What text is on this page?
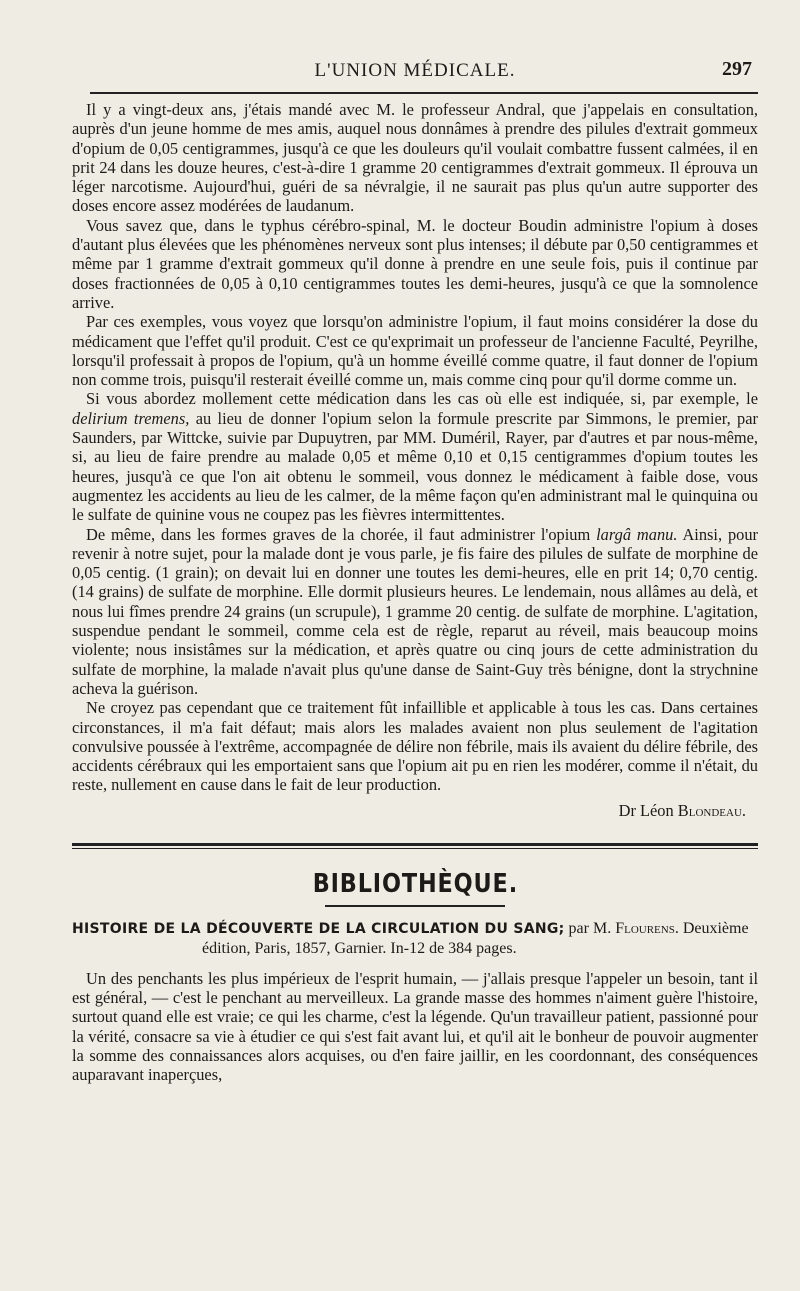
L'UNION MÉDICALE.	297

Il y a vingt-deux ans, j'étais mandé avec M. le professeur Andral, que j'appelais en consultation, auprès d'un jeune homme de mes amis, auquel nous donnâmes à prendre des pilules d'extrait gommeux d'opium de 0,05 centigrammes, jusqu'à ce que les douleurs qu'il voulait combattre fussent calmées, il en prit 24 dans les douze heures, c'est-à-dire 1 gramme 20 centigrammes d'extrait gommeux. Il éprouva un léger narcotisme. Aujourd'hui, guéri de sa névralgie, il ne saurait pas plus qu'un autre supporter des doses encore assez modérées de laudanum.

Vous savez que, dans le typhus cérébro-spinal, M. le docteur Boudin administre l'opium à doses d'autant plus élevées que les phénomènes nerveux sont plus intenses; il débute par 0,50 centigrammes et même par 1 gramme d'extrait gommeux qu'il donne à prendre en une seule fois, puis il continue par doses fractionnées de 0,05 à 0,10 centigrammes toutes les demi-heures, jusqu'à ce que la somnolence arrive.

Par ces exemples, vous voyez que lorsqu'on administre l'opium, il faut moins considérer la dose du médicament que l'effet qu'il produit. C'est ce qu'exprimait un professeur de l'ancienne Faculté, Peyrilhe, lorsqu'il professait à propos de l'opium, qu'à un homme éveillé comme quatre, il faut donner de l'opium non comme trois, puisqu'il resterait éveillé comme un, mais comme cinq pour qu'il dorme comme un.

Si vous abordez mollement cette médication dans les cas où elle est indiquée, si, par exemple, le delirium tremens, au lieu de donner l'opium selon la formule prescrite par Simmons, le premier, par Saunders, par Wittcke, suivie par Dupuytren, par MM. Duméril, Rayer, par d'autres et par nous-même, si, au lieu de faire prendre au malade 0,05 et même 0,10 et 0,15 centigrammes d'opium toutes les heures, jusqu'à ce que l'on ait obtenu le sommeil, vous donnez le médicament à faible dose, vous augmentez les accidents au lieu de les calmer, de la même façon qu'en administrant mal le quinquina ou le sulfate de quinine vous ne coupez pas les fièvres intermittentes.

De même, dans les formes graves de la chorée, il faut administrer l'opium largâ manu. Ainsi, pour revenir à notre sujet, pour la malade dont je vous parle, je fis faire des pilules de sulfate de morphine de 0,05 centig. (1 grain); on devait lui en donner une toutes les demi-heures, elle en prit 14; 0,70 centig. (14 grains) de sulfate de morphine. Elle dormit plusieurs heures. Le lendemain, nous allâmes au delà, et nous lui fîmes prendre 24 grains (un scrupule), 1 gramme 20 centig. de sulfate de morphine. L'agitation, suspendue pendant le sommeil, comme cela est de règle, reparut au réveil, mais beaucoup moins violente; nous insistâmes sur la médication, et après quatre ou cinq jours de cette administration du sulfate de morphine, la malade n'avait plus qu'une danse de Saint-Guy très bénigne, dont la strychnine acheva la guérison.

Ne croyez pas cependant que ce traitement fût infaillible et applicable à tous les cas. Dans certaines circonstances, il m'a fait défaut; mais alors les malades avaient non plus seulement de l'agitation convulsive poussée à l'extrême, accompagnée de délire non fébrile, mais ils avaient du délire fébrile, des accidents cérébraux qui les emportaient sans que l'opium ait pu en rien les modérer, comme il n'était, du reste, nullement en cause dans le fait de leur production.

Dr Léon Blondeau.
BIBLIOTHÈQUE.

HISTOIRE DE LA DÉCOUVERTE DE LA CIRCULATION DU SANG; par M. Flourens. Deuxième
édition, Paris, 1857, Garnier. In-12 de 384 pages.

Un des penchants les plus impérieux de l'esprit humain, — j'allais presque l'appeler un besoin, tant il est général, — c'est le penchant au merveilleux. La grande masse des hommes n'aiment guère l'histoire, surtout quand elle est vraie; ce qui les charme, c'est la légende. Qu'un travailleur patient, passionné pour la vérité, consacre sa vie à étudier ce qui s'est fait avant lui, et qu'il ait le bonheur de pouvoir augmenter la somme des connaissances alors acquises, ou d'en faire jaillir, en les coordonnant, des conséquences auparavant inaperçues,
